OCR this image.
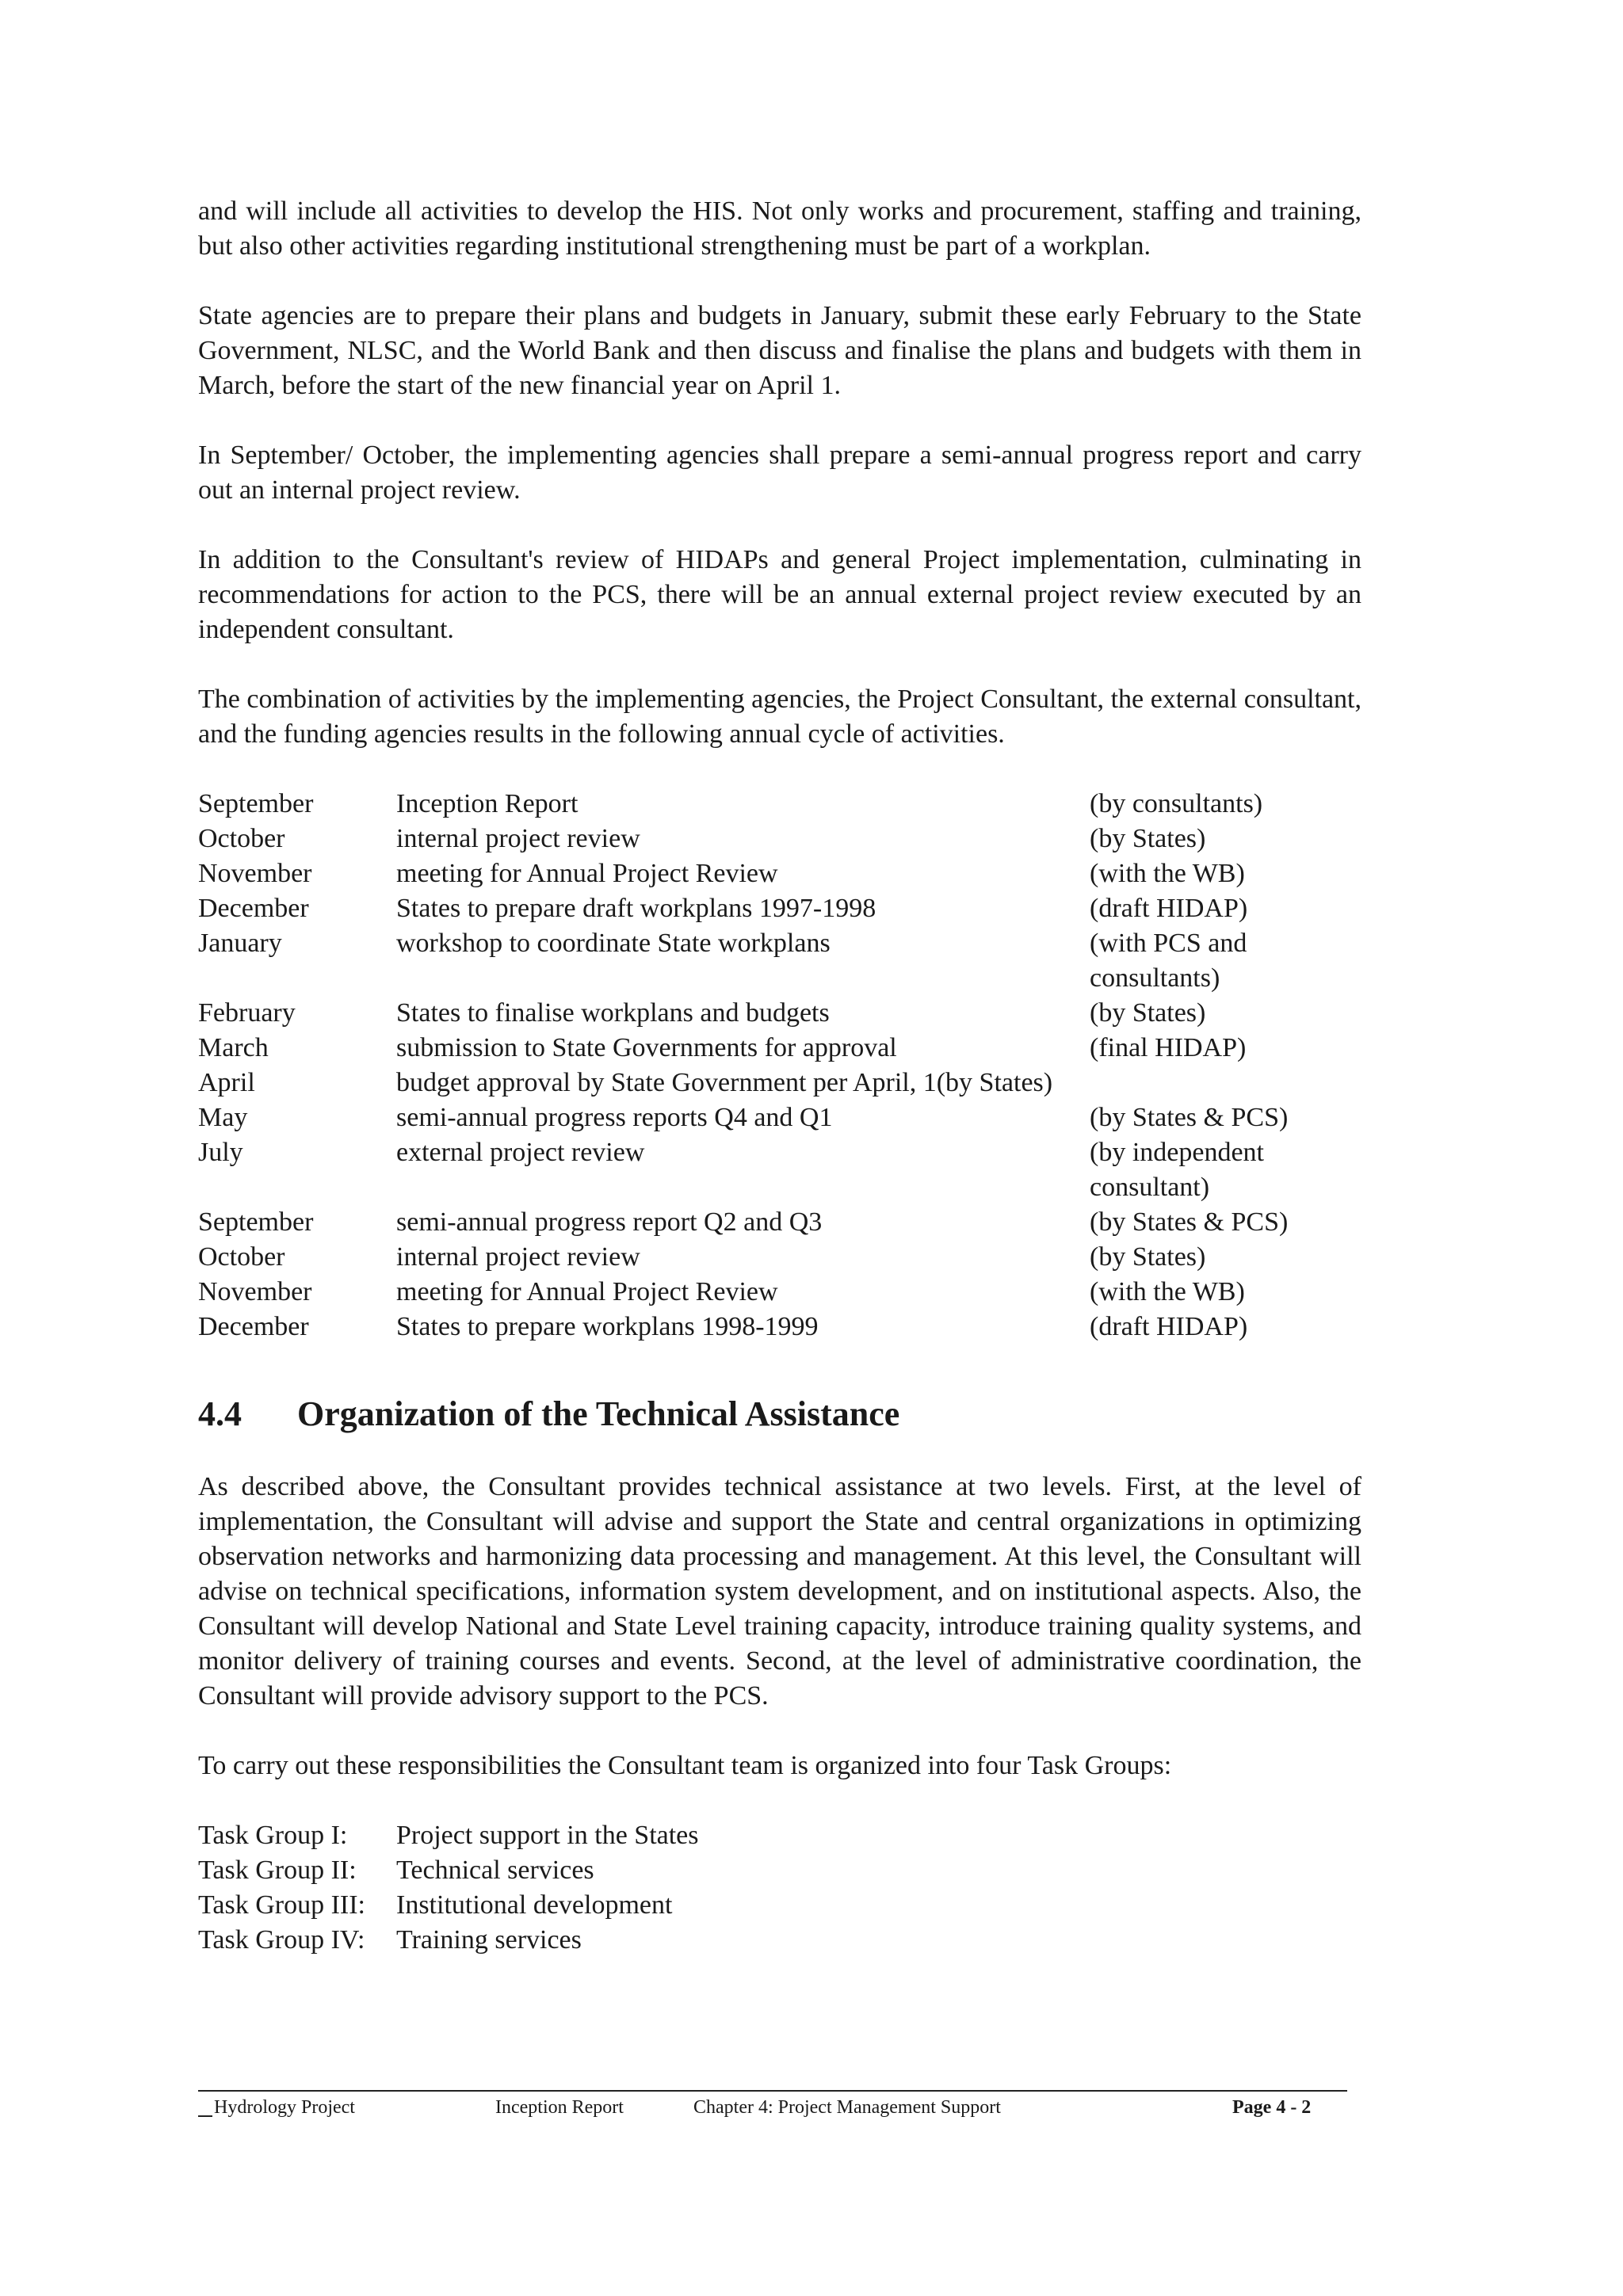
and will include all activities to develop the HIS. Not only works and procurement, staffing and training, but also other activities regarding institutional strengthening must be part of a workplan.

State agencies are to prepare their plans and budgets in January, submit these early February to the State Government, NLSC, and the World Bank and then discuss and finalise the plans and budgets with them in March, before the start of the new financial year on April 1.

In September/ October, the implementing agencies shall prepare a semi-annual progress report and carry out an internal project review.

In addition to the Consultant's review of HIDAPs and general Project implementation, culminating in recommendations for action to the PCS, there will be an annual external project review executed by an independent consultant.

The combination of activities by the implementing agencies, the Project Consultant, the external consultant, and the funding agencies results in the following annual cycle of activities.

September	Inception Report	(by consultants)
October	internal project review	(by States)
November	meeting for Annual Project Review	(with the WB)
December	States to prepare draft workplans 1997-1998	(draft HIDAP)
January	workshop to coordinate State workplans	(with PCS and consultants)
February	States to finalise workplans and budgets	(by States)
March	submission to State Governments for approval	(final HIDAP)
April	budget approval by State Government per April, 1(by States)
May	semi-annual progress reports Q4 and Q1	(by States & PCS)
July	external project review	(by independent consultant)
September	semi-annual progress report Q2 and Q3	(by States & PCS)
October	internal project review	(by States)
November	meeting for Annual Project Review	(with the WB)
December	States to prepare workplans 1998-1999	(draft HIDAP)
4.4	Organization of the Technical Assistance

As described above, the Consultant provides technical assistance at two levels. First, at the level of implementation, the Consultant will advise and support the State and central organizations in optimizing observation networks and harmonizing data processing and management. At this level, the Consultant will advise on technical specifications, information system development, and on institutional aspects. Also, the Consultant will develop National and State Level training capacity, introduce training quality systems, and monitor delivery of training courses and events. Second, at the level of administrative coordination, the Consultant will provide advisory support to the PCS.

To carry out these responsibilities the Consultant team is organized into four Task Groups:

Task Group I:	Project support in the States
Task Group II:	Technical services
Task Group III:	Institutional development
Task Group IV:	Training services
Hydrology Project	Inception Report	Chapter 4: Project Management Support	Page 4 - 2
